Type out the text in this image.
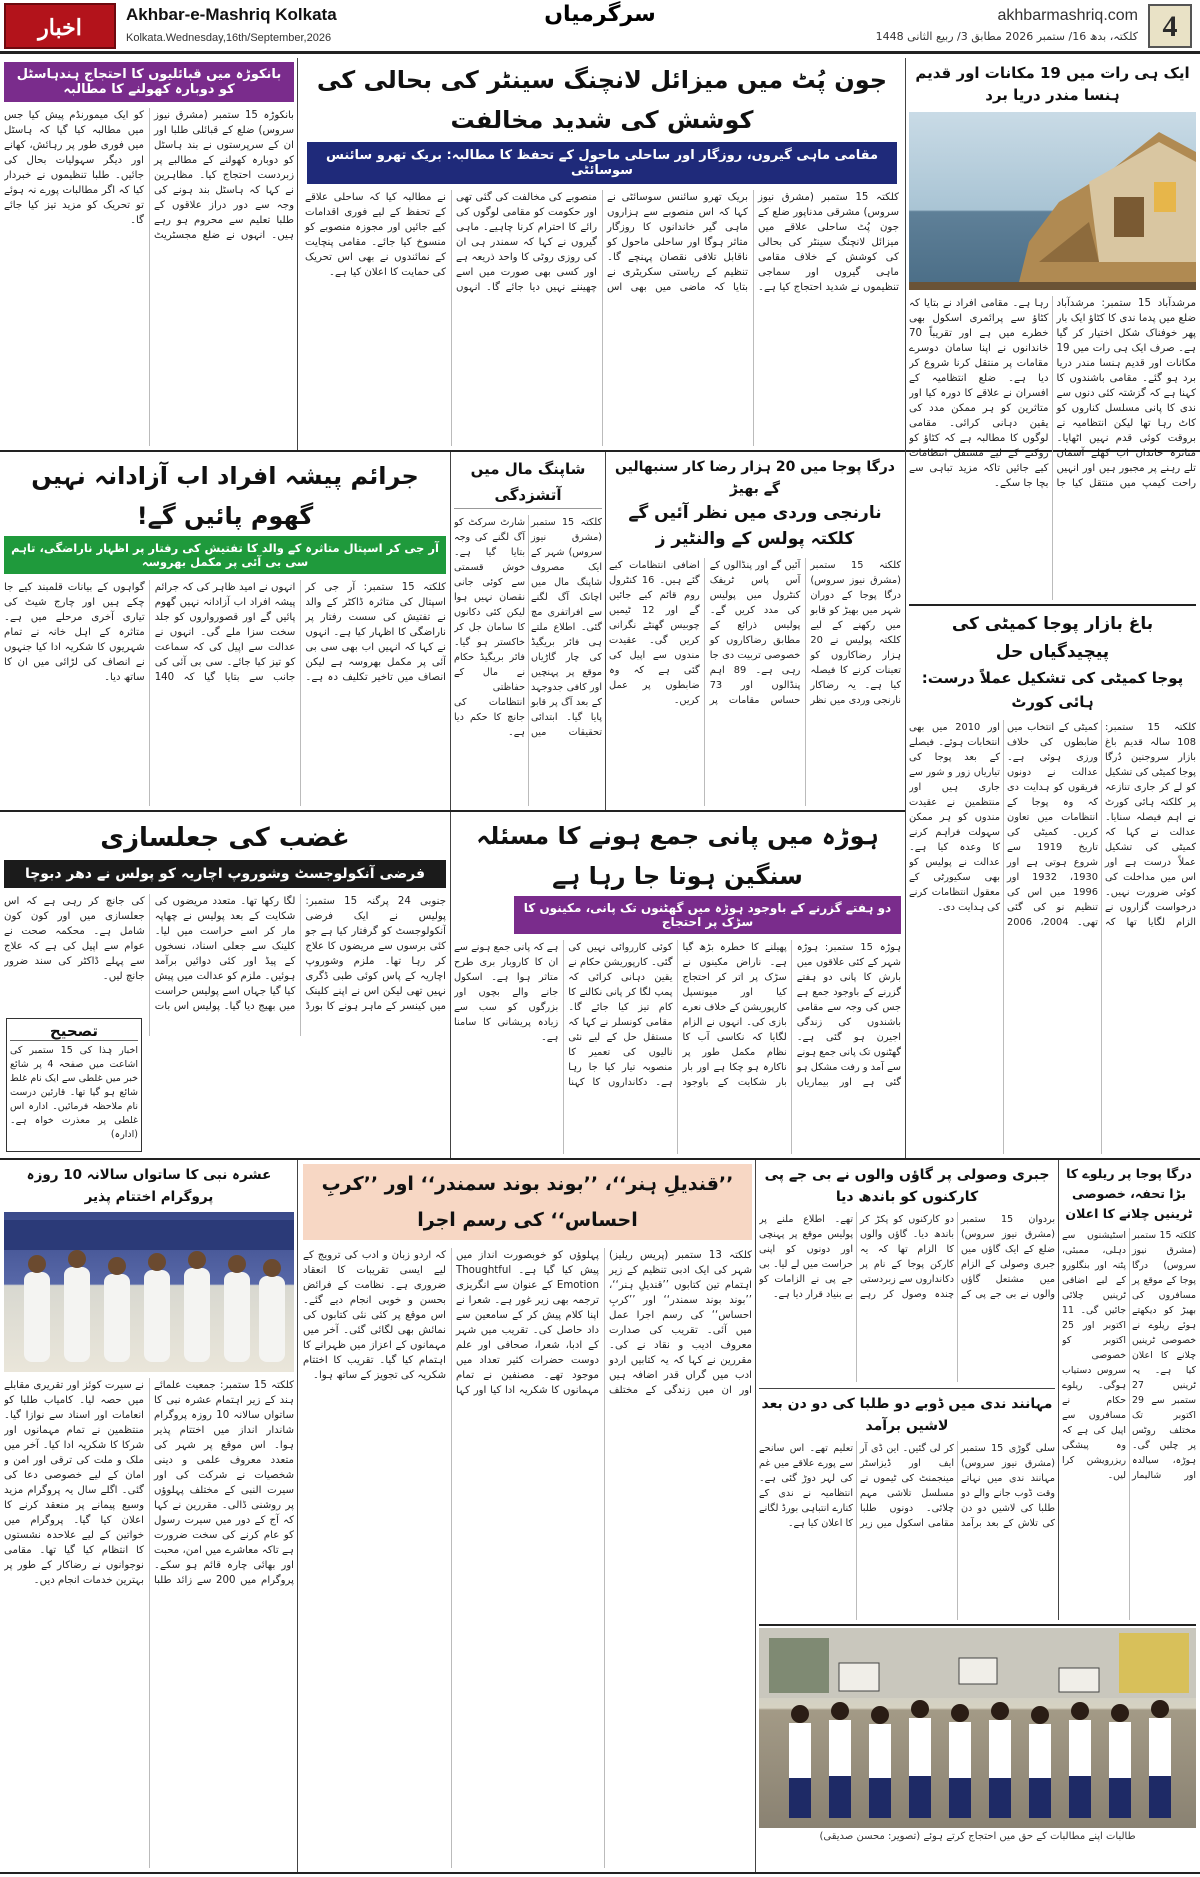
اخبار
Akhbar-e-Mashriq Kolkata
Kolkata.Wednesday,16th/September,2026
سرگرمیاں	akhbarmashriq.com
کلکتہ، بدھ 16/ ستمبر 2026 مطابق 3/ ربیع الثانی 1448 4
بانکوڑہ میں قبائلیوں کا احتجاج ہندہاسٹل کو دوبارہ کھولنے کا مطالبہ
بانکوڑہ 15 ستمبر (مشرق نیوز سروس) ضلع کے قبائلی طلبا اور ان کے سرپرستوں نے بند ہاسٹل کو دوبارہ کھولنے کے مطالبے پر زبردست احتجاج کیا۔ مظاہرین نے کہا کہ ہاسٹل بند ہونے کی وجہ سے دور دراز علاقوں کے طلبا تعلیم سے محروم ہو رہے ہیں۔ انہوں نے ضلع مجسٹریٹ کو ایک میمورنڈم پیش کیا جس میں مطالبہ کیا گیا کہ ہاسٹل میں فوری طور پر رہائش، کھانے اور دیگر سہولیات بحال کی جائیں۔ طلبا تنظیموں نے خبردار کیا کہ اگر مطالبات پورے نہ ہوئے تو تحریک کو مزید تیز کیا جائے گا۔
جون پُٹ میں میزائل لانچنگ سینٹر کی بحالی کی کوشش کی شدید مخالفت
مقامی ماہی گیروں، روزگار اور ساحلی ماحول کے تحفظ کا مطالبہ: بریک تھرو سائنس سوسائٹی
کلکتہ 15 ستمبر (مشرق نیوز سروس) مشرقی مدناپور ضلع کے جون پُٹ ساحلی علاقے میں میزائل لانچنگ سینٹر کی بحالی کی کوشش کے خلاف مقامی ماہی گیروں اور سماجی تنظیموں نے شدید احتجاج کیا ہے۔ بریک تھرو سائنس سوسائٹی نے کہا کہ اس منصوبے سے ہزاروں ماہی گیر خاندانوں کا روزگار متاثر ہوگا اور ساحلی ماحول کو ناقابل تلافی نقصان پہنچے گا۔ تنظیم کے ریاستی سکریٹری نے بتایا کہ ماضی میں بھی اس منصوبے کی مخالفت کی گئی تھی اور حکومت کو مقامی لوگوں کی رائے کا احترام کرنا چاہیے۔ ماہی گیروں نے کہا کہ سمندر ہی ان کی روزی روٹی کا واحد ذریعہ ہے اور کسی بھی صورت میں اسے چھیننے نہیں دیا جائے گا۔ انہوں نے مطالبہ کیا کہ ساحلی علاقے کے تحفظ کے لیے فوری اقدامات کیے جائیں اور مجوزہ منصوبے کو منسوخ کیا جائے۔ مقامی پنچایت کے نمائندوں نے بھی اس تحریک کی حمایت کا اعلان کیا ہے۔
ایک ہی رات میں 19 مکانات اور قدیم ہنسا مندر دریا برد
مرشدآباد 15 ستمبر: مرشدآباد ضلع میں پدما ندی کا کٹاؤ ایک بار پھر خوفناک شکل اختیار کر گیا ہے۔ صرف ایک ہی رات میں 19 مکانات اور قدیم ہنسا مندر دریا برد ہو گئے۔ مقامی باشندوں کا کہنا ہے کہ گزشتہ کئی دنوں سے ندی کا پانی مسلسل کناروں کو کاٹ رہا تھا لیکن انتظامیہ نے بروقت کوئی قدم نہیں اٹھایا۔ متاثرہ خاندان اب کھلے آسمان تلے رہنے پر مجبور ہیں اور انہیں راحت کیمپ میں منتقل کیا جا رہا ہے۔ مقامی افراد نے بتایا کہ کٹاؤ سے پرائمری اسکول بھی خطرے میں ہے اور تقریباً 70 خاندانوں نے اپنا سامان دوسرے مقامات پر منتقل کرنا شروع کر دیا ہے۔ ضلع انتظامیہ کے افسران نے علاقے کا دورہ کیا اور متاثرین کو ہر ممکن مدد کی یقین دہانی کرائی۔ مقامی لوگوں کا مطالبہ ہے کہ کٹاؤ کو روکنے کے لیے مستقل انتظامات کیے جائیں تاکہ مزید تباہی سے بچا جا سکے۔
جرائم پیشہ افراد اب آزادانہ نہیں گھوم پائیں گے!
آر جی کر اسپتال متاثرہ کے والد کا تفتیش کی رفتار پر اظہار ناراضگی، تاہم سی بی آئی پر مکمل بھروسہ
کلکتہ 15 ستمبر: آر جی کر اسپتال کی متاثرہ ڈاکٹر کے والد نے تفتیش کی سست رفتار پر ناراضگی کا اظہار کیا ہے۔ انہوں نے کہا کہ انہیں اب بھی سی بی آئی پر مکمل بھروسہ ہے لیکن انصاف میں تاخیر تکلیف دہ ہے۔ انہوں نے امید ظاہر کی کہ جرائم پیشہ افراد اب آزادانہ نہیں گھوم پائیں گے اور قصورواروں کو جلد سخت سزا ملے گی۔ انہوں نے عدالت سے اپیل کی کہ سماعت کو تیز کیا جائے۔ سی بی آئی کی جانب سے بتایا گیا کہ 140 گواہوں کے بیانات قلمبند کیے جا چکے ہیں اور چارج شیٹ کی تیاری آخری مرحلے میں ہے۔ متاثرہ کے اہل خانہ نے تمام شہریوں کا شکریہ ادا کیا جنہوں نے انصاف کی لڑائی میں ان کا ساتھ دیا۔
شاپنگ مال میں آتشزدگی
کلکتہ 15 ستمبر (مشرق نیوز سروس) شہر کے ایک مصروف شاپنگ مال میں اچانک آگ لگنے سے افراتفری مچ گئی۔ اطلاع ملتے ہی فائر بریگیڈ کی چار گاڑیاں موقع پر پہنچیں اور کافی جدوجہد کے بعد آگ پر قابو پایا گیا۔ ابتدائی تحقیقات میں شارٹ سرکٹ کو آگ لگنے کی وجہ بتایا گیا ہے۔ خوش قسمتی سے کوئی جانی نقصان نہیں ہوا لیکن کئی دکانوں کا سامان جل کر خاکستر ہو گیا۔ فائر بریگیڈ حکام نے مال کے حفاظتی انتظامات کی جانچ کا حکم دیا ہے۔
درگا پوجا میں 20 ہزار رضا کار سنبھالیں گے بھیڑ
نارنجی وردی میں نظر آئیں گے کلکتہ پولس کے والنٹیر ز
کلکتہ 15 ستمبر (مشرق نیوز سروس) درگا پوجا کے دوران شہر میں بھیڑ کو قابو میں رکھنے کے لیے کلکتہ پولیس نے 20 ہزار رضاکاروں کو تعینات کرنے کا فیصلہ کیا ہے۔ یہ رضاکار نارنجی وردی میں نظر آئیں گے اور پنڈالوں کے آس پاس ٹریفک کنٹرول میں پولیس کی مدد کریں گے۔ پولیس ذرائع کے مطابق رضاکاروں کو خصوصی تربیت دی جا رہی ہے۔ 89 اہم پنڈالوں اور 73 حساس مقامات پر اضافی انتظامات کیے گئے ہیں۔ 16 کنٹرول روم قائم کیے جائیں گے اور 12 ٹیمیں چوبیس گھنٹے نگرانی کریں گی۔ عقیدت مندوں سے اپیل کی گئی ہے کہ وہ ضابطوں پر عمل کریں۔
باغ بازار پوجا کمیٹی کی پیچیدگیاں حل
پوجا کمیٹی کی تشکیل عملاً درست: ہائی کورٹ
کلکتہ 15 ستمبر: 108 سالہ قدیم باغ بازار سروجنین دُرگا پوجا کمیٹی کی تشکیل کو لے کر جاری تنازعہ پر کلکتہ ہائی کورٹ نے اہم فیصلہ سنایا۔ عدالت نے کہا کہ کمیٹی کی تشکیل عملاً درست ہے اور اس میں مداخلت کی کوئی ضرورت نہیں۔ درخواست گزاروں نے الزام لگایا تھا کہ کمیٹی کے انتخاب میں ضابطوں کی خلاف ورزی ہوئی ہے۔ عدالت نے دونوں فریقوں کو ہدایت دی کہ وہ پوجا کے انتظامات میں تعاون کریں۔ کمیٹی کی تاریخ 1919 سے شروع ہوتی ہے اور 1930، 1932 اور 1996 میں اس کی تنظیم نو کی گئی تھی۔ 2004، 2006 اور 2010 میں بھی انتخابات ہوئے۔ فیصلے کے بعد پوجا کی تیاریاں زور و شور سے جاری ہیں اور منتظمین نے عقیدت مندوں کو ہر ممکن سہولت فراہم کرنے کا وعدہ کیا ہے۔ عدالت نے پولیس کو بھی سکیورٹی کے معقول انتظامات کرنے کی ہدایت دی۔
غضب کی جعلسازی
فرضی آنکولوجسٹ وشوروپ اچاریہ کو پولس نے دھر دبوچا
جنوبی 24 پرگنہ 15 ستمبر: پولیس نے ایک فرضی آنکولوجسٹ کو گرفتار کیا ہے جو کئی برسوں سے مریضوں کا علاج کر رہا تھا۔ ملزم وشوروپ اچاریہ کے پاس کوئی طبی ڈگری نہیں تھی لیکن اس نے اپنے کلینک میں کینسر کے ماہر ہونے کا بورڈ لگا رکھا تھا۔ متعدد مریضوں کی شکایت کے بعد پولیس نے چھاپہ مار کر اسے حراست میں لیا۔ کلینک سے جعلی اسناد، نسخوں کے پیڈ اور کئی دوائیں برآمد ہوئیں۔ ملزم کو عدالت میں پیش کیا گیا جہاں اسے پولیس حراست میں بھیج دیا گیا۔ پولیس اس بات کی جانچ کر رہی ہے کہ اس جعلسازی میں اور کون کون شامل ہے۔ محکمہ صحت نے عوام سے اپیل کی ہے کہ علاج سے پہلے ڈاکٹر کی سند ضرور جانچ لیں۔
تصحیح
اخبار ہٰذا کی 15 ستمبر کی اشاعت میں صفحہ 4 پر شائع خبر میں غلطی سے ایک نام غلط شائع ہو گیا تھا۔ قارئین درست نام ملاحظہ فرمائیں۔ ادارہ اس غلطی پر معذرت خواہ ہے۔ (ادارہ)
ہوڑہ میں پانی جمع ہونے کا مسئلہ سنگین ہوتا جا رہا ہے
دو ہفتے گزرنے کے باوجود ہوڑہ میں گھٹنوں تک پانی، مکینوں کا سڑک پر احتجاج
ہوڑہ 15 ستمبر: ہوڑہ شہر کے کئی علاقوں میں بارش کا پانی دو ہفتے گزرنے کے باوجود جمع ہے جس کی وجہ سے مقامی باشندوں کی زندگی اجیرن ہو گئی ہے۔ گھٹنوں تک پانی جمع ہونے سے آمد و رفت مشکل ہو گئی ہے اور بیماریاں پھیلنے کا خطرہ بڑھ گیا ہے۔ ناراض مکینوں نے سڑک پر اتر کر احتجاج کیا اور میونسپل کارپوریشن کے خلاف نعرے بازی کی۔ انہوں نے الزام لگایا کہ نکاسی آب کا نظام مکمل طور پر ناکارہ ہو چکا ہے اور بار بار شکایت کے باوجود کوئی کارروائی نہیں کی گئی۔ کارپوریشن حکام نے یقین دہانی کرائی کہ پمپ لگا کر پانی نکالنے کا کام تیز کیا جائے گا۔ مقامی کونسلر نے کہا کہ مستقل حل کے لیے نئی نالیوں کی تعمیر کا منصوبہ تیار کیا جا رہا ہے۔ دکانداروں کا کہنا ہے کہ پانی جمع ہونے سے ان کا کاروبار بری طرح متاثر ہوا ہے۔ اسکول جانے والے بچوں اور بزرگوں کو سب سے زیادہ پریشانی کا سامنا ہے۔
عشرہ نبی کا ساتواں سالانہ 10 روزہ پروگرام اختتام پذیر
کلکتہ 15 ستمبر: جمعیت علمائے ہند کے زیر اہتمام عشرہ نبی کا ساتواں سالانہ 10 روزہ پروگرام شاندار انداز میں اختتام پذیر ہوا۔ اس موقع پر شہر کی متعدد معروف علمی و دینی شخصیات نے شرکت کی اور سیرت النبی کے مختلف پہلوؤں پر روشنی ڈالی۔ مقررین نے کہا کہ آج کے دور میں سیرت رسول کو عام کرنے کی سخت ضرورت ہے تاکہ معاشرے میں امن، محبت اور بھائی چارہ قائم ہو سکے۔ پروگرام میں 200 سے زائد طلبا نے سیرت کوئز اور تقریری مقابلے میں حصہ لیا۔ کامیاب طلبا کو انعامات اور اسناد سے نوازا گیا۔ منتظمین نے تمام مہمانوں اور شرکا کا شکریہ ادا کیا۔ آخر میں ملک و ملت کی ترقی اور امن و امان کے لیے خصوصی دعا کی گئی۔ اگلے سال یہ پروگرام مزید وسیع پیمانے پر منعقد کرنے کا اعلان کیا گیا۔ پروگرام میں خواتین کے لیے علاحدہ نشستوں کا انتظام کیا گیا تھا۔ مقامی نوجوانوں نے رضاکار کے طور پر بہترین خدمات انجام دیں۔
’’قندیلِ ہنر‘‘، ’’بوند بوند سمندر‘‘ اور ’’کربِ احساس‘‘ کی رسم اجرا
کلکتہ 13 ستمبر (پریس ریلیز) شہر کی ایک ادبی تنظیم کے زیر اہتمام تین کتابوں ’’قندیلِ ہنر‘‘، ’’بوند بوند سمندر‘‘ اور ’’کربِ احساس‘‘ کی رسم اجرا عمل میں آئی۔ تقریب کی صدارت معروف ادیب و نقاد نے کی۔ مقررین نے کہا کہ یہ کتابیں اردو ادب میں گراں قدر اضافہ ہیں اور ان میں زندگی کے مختلف پہلوؤں کو خوبصورت انداز میں پیش کیا گیا ہے۔ Thoughtful Emotion کے عنوان سے انگریزی ترجمہ بھی زیر غور ہے۔ شعرا نے اپنا کلام پیش کر کے سامعین سے داد حاصل کی۔ تقریب میں شہر کے ادبا، شعرا، صحافی اور علم دوست حضرات کثیر تعداد میں موجود تھے۔ مصنفین نے تمام مہمانوں کا شکریہ ادا کیا اور کہا کہ اردو زبان و ادب کی ترویج کے لیے ایسی تقریبات کا انعقاد ضروری ہے۔ نظامت کے فرائض بحسن و خوبی انجام دیے گئے۔ اس موقع پر کئی نئی کتابوں کی نمائش بھی لگائی گئی۔ آخر میں مہمانوں کے اعزاز میں ظہرانے کا اہتمام کیا گیا۔ تقریب کا اختتام شکریہ کی تجویز کے ساتھ ہوا۔
جبری وصولی پر گاؤں والوں نے بی جے پی کارکنوں کو باندھ دیا
بردوان 15 ستمبر (مشرق نیوز سروس) ضلع کے ایک گاؤں میں جبری وصولی کے الزام میں مشتعل گاؤں والوں نے بی جے پی کے دو کارکنوں کو پکڑ کر باندھ دیا۔ گاؤں والوں کا الزام تھا کہ یہ کارکن پوجا کے نام پر دکانداروں سے زبردستی چندہ وصول کر رہے تھے۔ اطلاع ملنے پر پولیس موقع پر پہنچی اور دونوں کو اپنی حراست میں لے لیا۔ بی جے پی نے الزامات کو بے بنیاد قرار دیا ہے۔
مہانند ندی میں ڈوبے دو طلبا کی دو دن بعد لاشیں برآمد
سلی گوڑی 15 ستمبر (مشرق نیوز سروس) مہانند ندی میں نہاتے وقت ڈوب جانے والے دو طلبا کی لاشیں دو دن کی تلاش کے بعد برآمد کر لی گئیں۔ این ڈی آر ایف اور ڈیزاسٹر مینجمنٹ کی ٹیموں نے مسلسل تلاشی مہم چلائی۔ دونوں طلبا مقامی اسکول میں زیر تعلیم تھے۔ اس سانحے سے پورے علاقے میں غم کی لہر دوڑ گئی ہے۔ انتظامیہ نے ندی کے کنارے انتباہی بورڈ لگانے کا اعلان کیا ہے۔
درگا پوجا پر ریلوے کا بڑا تحفہ، خصوصی ٹرینیں چلانے کا اعلان
کلکتہ 15 ستمبر (مشرق نیوز سروس) درگا پوجا کے موقع پر مسافروں کی بھیڑ کو دیکھتے ہوئے ریلوے نے خصوصی ٹرینیں چلانے کا اعلان کیا ہے۔ یہ ٹرینیں 27 ستمبر سے 29 اکتوبر تک مختلف روٹس پر چلیں گی۔ ہوڑہ، سیالدہ اور شالیمار اسٹیشنوں سے دہلی، ممبئی، پٹنہ اور بنگلورو کے لیے اضافی ٹرینیں چلائی جائیں گی۔ 11 اکتوبر اور 25 اکتوبر کو خصوصی سروس دستیاب ہوگی۔ ریلوے حکام نے مسافروں سے اپیل کی ہے کہ وہ پیشگی ریزرویشن کرا لیں۔
طالبات اپنے مطالبات کے حق میں احتجاج کرتے ہوئے (تصویر: محسن صدیقی)
